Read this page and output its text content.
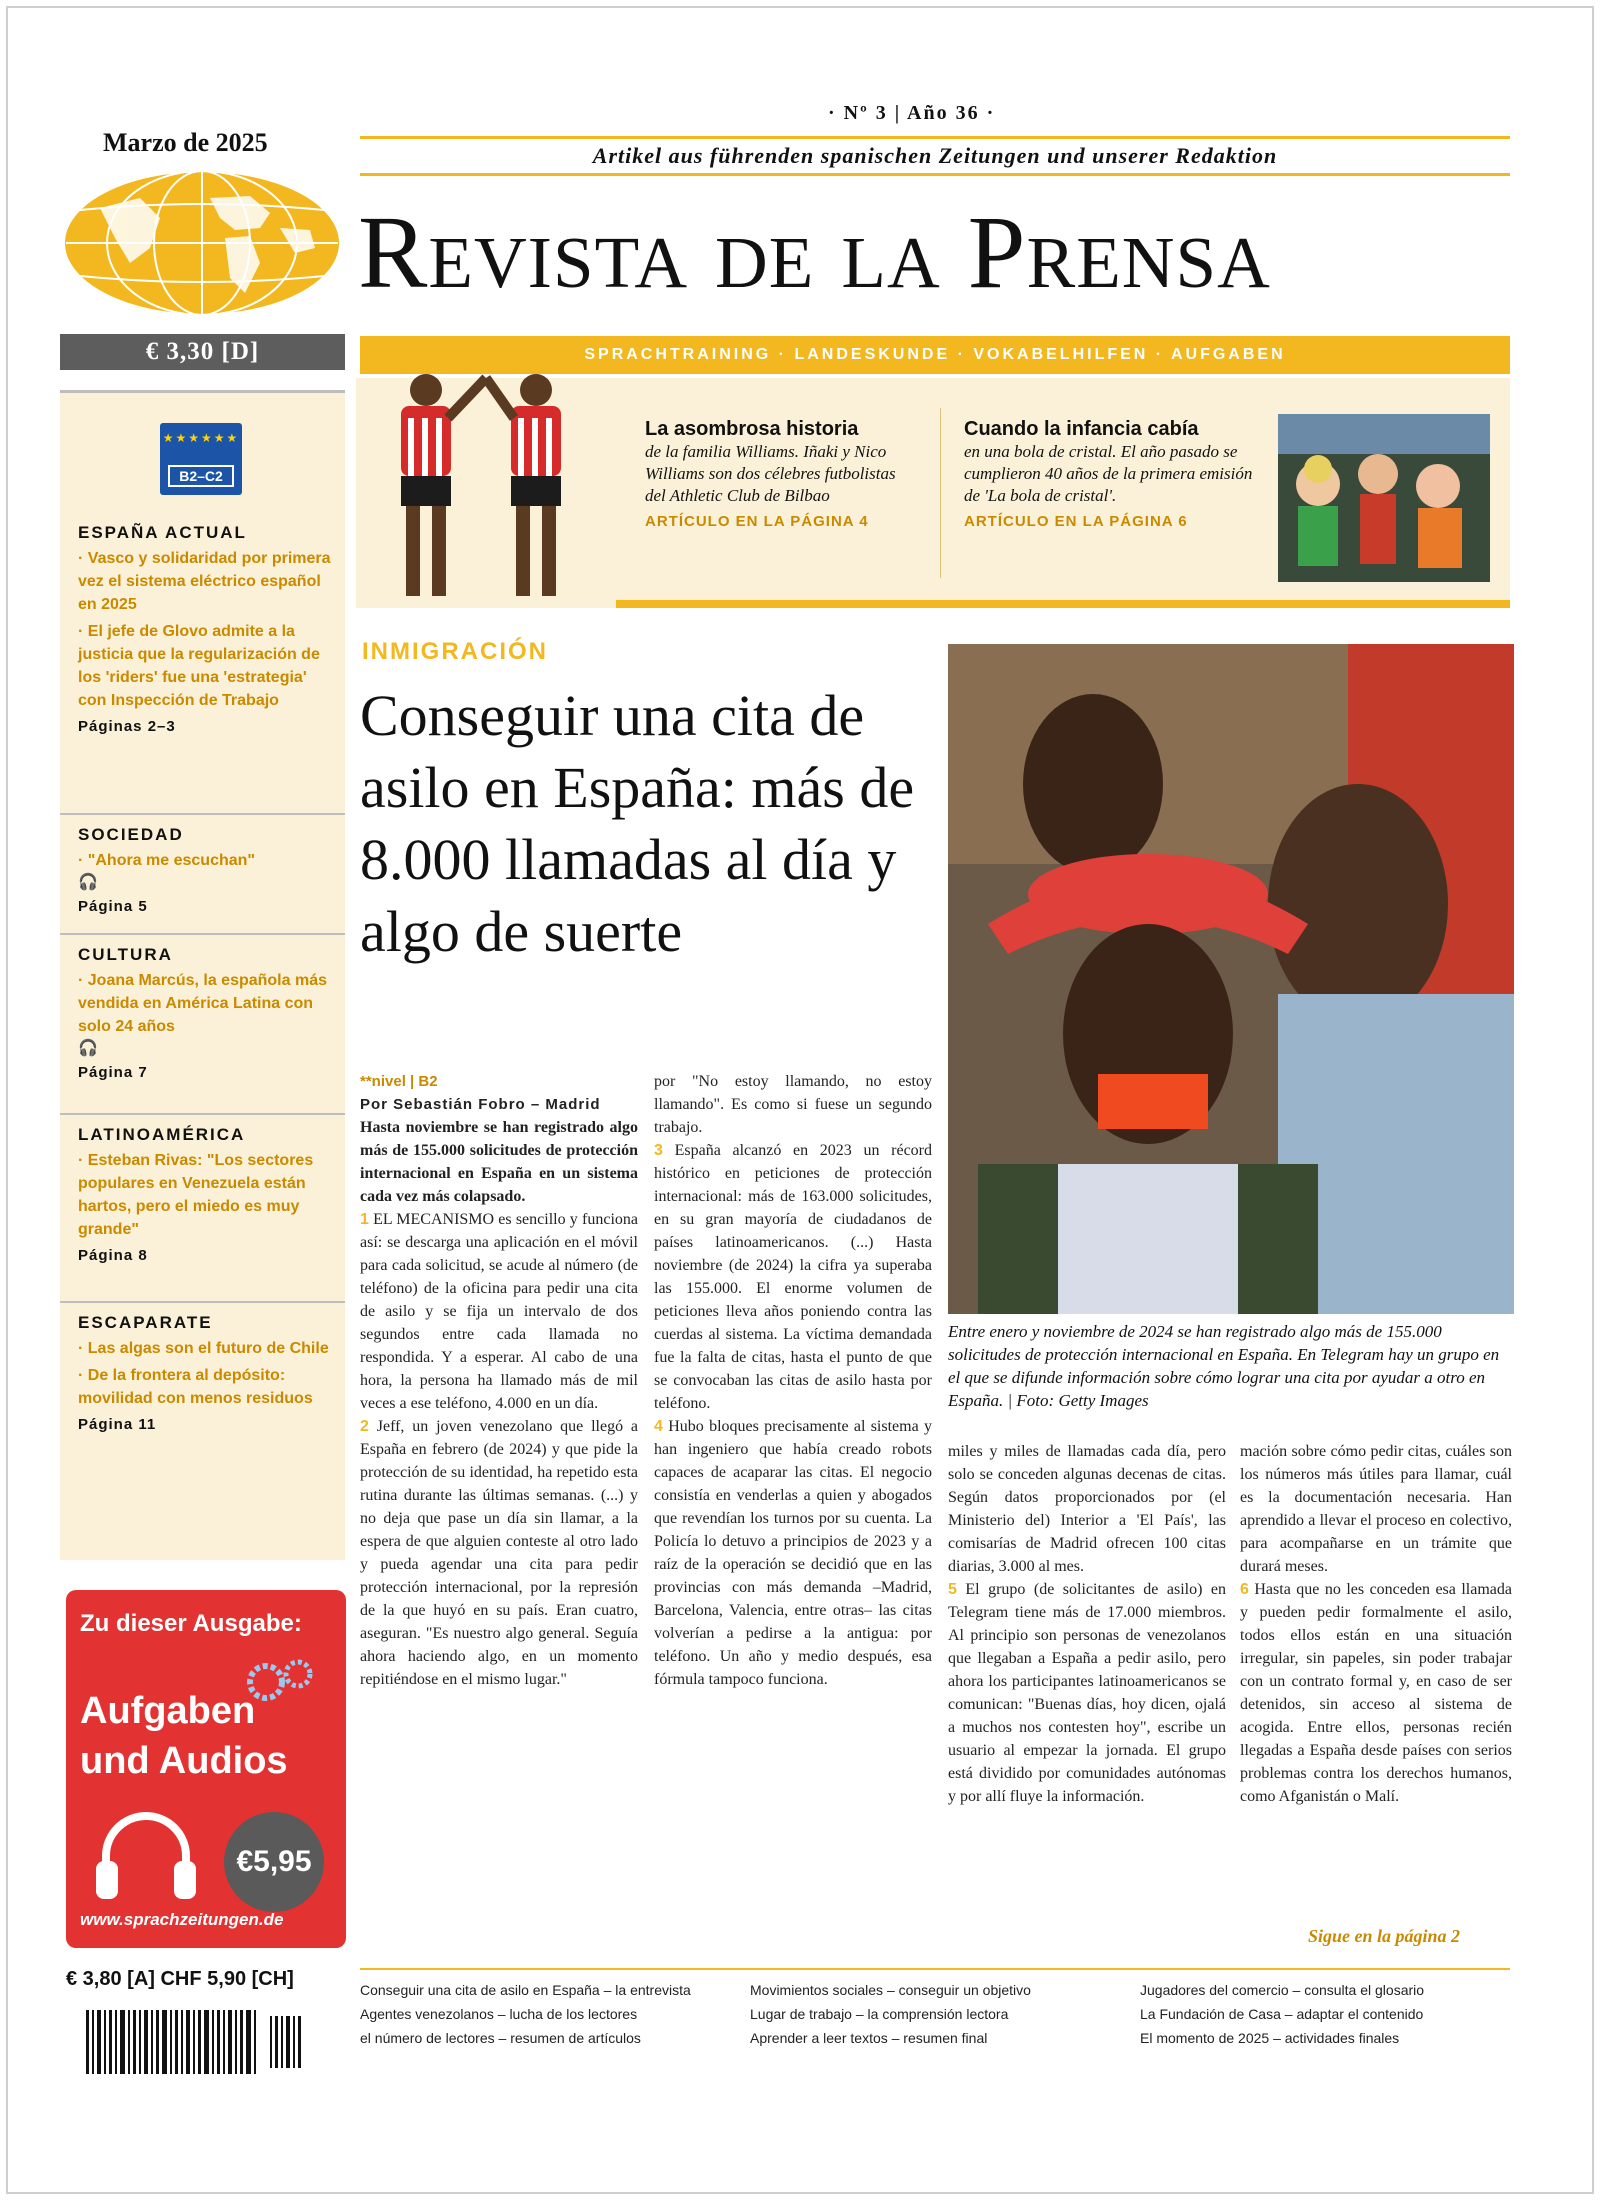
Marzo de 2025
€ 3,30 [D]
★★★★★★
B2–C2
ESPAÑA ACTUAL
· Vasco y solidaridad por primera vez el sistema eléctrico español en 2025
· El jefe de Glovo admite a la justicia que la regularización de los 'riders' fue una 'estrategia' con Inspección de Trabajo
Páginas 2–3
SOCIEDAD
· "Ahora me escuchan"
🎧
Página 5
CULTURA
· Joana Marcús, la española más vendida en América Latina con solo 24 años
🎧
Página 7
LATINOAMÉRICA
· Esteban Rivas: "Los sectores populares en Venezuela están hartos, pero el miedo es muy grande"
Página 8
ESCAPARATE
· Las algas son el futuro de Chile
· De la frontera al depósito: movilidad con menos residuos
Página 11
Zu dieser Ausgabe:
Aufgaben
und Audios
€5,95
www.sprachzeitungen.de
€ 3,80 [A] CHF 5,90 [CH]
· Nº 3 | Año 36 ·
Artikel aus führenden spanischen Zeitungen und unserer Redaktion
Revista de la Prensa
SPRACHTRAINING · LANDESKUNDE · VOKABELHILFEN · AUFGABEN
La asombrosa historia
de la familia Williams. Iñaki y Nico Williams son dos célebres futbolistas del Athletic Club de Bilbao
ARTÍCULO EN LA PÁGINA 4
Cuando la infancia cabía
en una bola de cristal. El año pasado se cumplieron 40 años de la primera emisión de 'La bola de cristal'.
ARTÍCULO EN LA PÁGINA 6
INMIGRACIÓN
Conseguir una cita de asilo en España: más de 8.000 llamadas al día y algo de suerte
Entre enero y noviembre de 2024 se han registrado algo más de 155.000 solicitudes de protección internacional en España. En Telegram hay un grupo en el que se difunde información sobre cómo lograr una cita por ayudar a otro en España. | Foto: Getty Images
**nivel | B2
Por Sebastián Fobro – Madrid
Hasta noviembre se han registrado algo más de 155.000 solicitudes de protección internacional en España en un sistema cada vez más colapsado.

1 EL MECANISMO es sencillo y funciona así: se descarga una aplicación en el móvil para cada solicitud, se acude al número (de teléfono) de la oficina para pedir una cita de asilo y se fija un intervalo de dos segundos entre cada llamada no respondida. Y a esperar. Al cabo de una hora, la persona ha llamado más de mil veces a ese teléfono, 4.000 en un día.

2 Jeff, un joven venezolano que llegó a España en febrero (de 2024) y que pide la protección de su identidad, ha repetido esta rutina durante las últimas semanas. (...) y no deja que pase un día sin llamar, a la espera de que alguien conteste al otro lado y pueda agendar una cita para pedir protección internacional, por la represión de la que huyó en su país. Eran cuatro, aseguran. "Es nuestro algo general. Seguía ahora haciendo algo, en un momento repitiéndose en el mismo lugar."

por "No estoy llamando, no estoy llamando". Es como si fuese un segundo trabajo.

3 España alcanzó en 2023 un récord histórico en peticiones de protección internacional: más de 163.000 solicitudes, en su gran mayoría de ciudadanos de países latinoamericanos. (...) Hasta noviembre (de 2024) la cifra ya superaba las 155.000. El enorme volumen de peticiones lleva años poniendo contra las cuerdas al sistema. La víctima demandada fue la falta de citas, hasta el punto de que se convocaban las citas de asilo hasta por teléfono.

4 Hubo bloques precisamente al sistema y han ingeniero que había creado robots capaces de acaparar las citas. El negocio consistía en venderlas a quien y abogados que revendían los turnos por su cuenta. La Policía lo detuvo a principios de 2023 y a raíz de la operación se decidió que en las provincias con más demanda –Madrid, Barcelona, Valencia, entre otras– las citas volverían a pedirse a la antigua: por teléfono. Un año y medio después, esa fórmula tampoco funciona.

miles y miles de llamadas cada día, pero solo se conceden algunas decenas de citas. Según datos proporcionados por (el Ministerio del) Interior a 'El País', las comisarías de Madrid ofrecen 100 citas diarias, 3.000 al mes.

5 El grupo (de solicitantes de asilo) en Telegram tiene más de 17.000 miembros. Al principio son personas de venezolanos que llegaban a España a pedir asilo, pero ahora los participantes latinoamericanos se comunican: "Buenas días, hoy dicen, ojalá a muchos nos contesten hoy", escribe un usuario al empezar la jornada. El grupo está dividido por comunidades autónomas y por allí fluye la información.

mación sobre cómo pedir citas, cuáles son los números más útiles para llamar, cuál es la documentación necesaria. Han aprendido a llevar el proceso en colectivo, para acompañarse en un trámite que durará meses.

6 Hasta que no les conceden esa llamada y pueden pedir formalmente el asilo, todos ellos están en una situación irregular, sin papeles, sin poder trabajar con un contrato formal y, en caso de ser detenidos, sin acceso al sistema de acogida. Entre ellos, personas recién llegadas a España desde países con serios problemas contra los derechos humanos, como Afganistán o Malí.

Sigue en la página 2
Conseguir una cita de asilo en España – la entrevista
Agentes venezolanos – lucha de los lectores
el número de lectores – resumen de artículos
Movimientos sociales – conseguir un objetivo
Lugar de trabajo – la comprensión lectora
Aprender a leer textos – resumen final
Jugadores del comercio – consulta el glosario
La Fundación de Casa – adaptar el contenido
El momento de 2025 – actividades finales
